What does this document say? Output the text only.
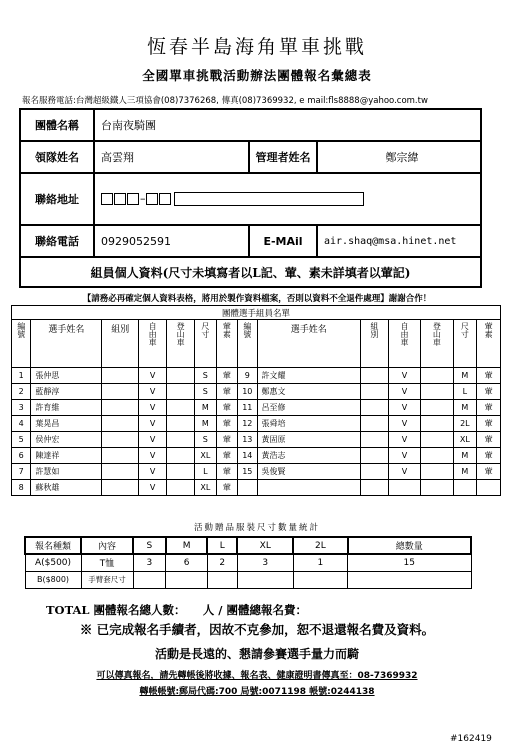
恆春半島海角單車挑戰
全國單車挑戰活動辦法團體報名彙總表
報名服務電話:台灣超級鐵人三項協會(08)7376268, 傳真(08)7369932, e mail:fls8888@yahoo.com.tw
團體名稱	台南夜騎團		
領隊姓名	高雲翔	管理者姓名	鄭宗緯
聯絡地址	–		
聯絡電話	0929052591	E-MAil	air.shaq@msa.hinet.net
組員個人資料(尺寸未填寫者以L記、葷、素未詳填者以葷記)			
【請務必再確定個人資料表格，將用於製作資料檔案，否則以資料不全退件處理】謝謝合作！
團體選手組員名單													
編號	選手姓名	組別	自由車	登山車	尺寸	葷素	編號	選手姓名	組別	自由車	登山車	尺寸	葷素
1	張仲思		V		S	葷	9	許文耀		V		M	葷
2	藍靜淳		V		S	葷	10	鄭惠文		V		L	葷
3	許育維		V		M	葷	11	呂至修		V		M	葷
4	葉晃昌		V		M	葷	12	張舜培		V		2L	葷
5	侯仲宏		V		S	葷	13	黃固原		V		XL	葷
6	陳達祥		V		XL	葷	14	黃浩志		V		M	葷
7	許慧如		V		L	葷	15	吳俊賢		V		M	葷
8	蘇秋雄		V		XL	葷							
活動贈品服裝尺寸數量統計
報名種類	內容	S	M	L	XL	2L	總數量
A($500)	T恤	3	6	2	3	1	15
B($800)	手臂套尺寸						
TOTAL 團體報名總人數：　　人 / 團體總報名費：
※ 已完成報名手續者，因故不克參加，恕不退還報名費及資料。
活動是長遠的、懇請參賽選手量力而騎
可以傳真報名，請先轉帳後將收據、報名表、健康證明書傳真至：08-7369932
轉帳帳號:郵局代碼:700 局號:0071198 帳號:0244138
#162419
